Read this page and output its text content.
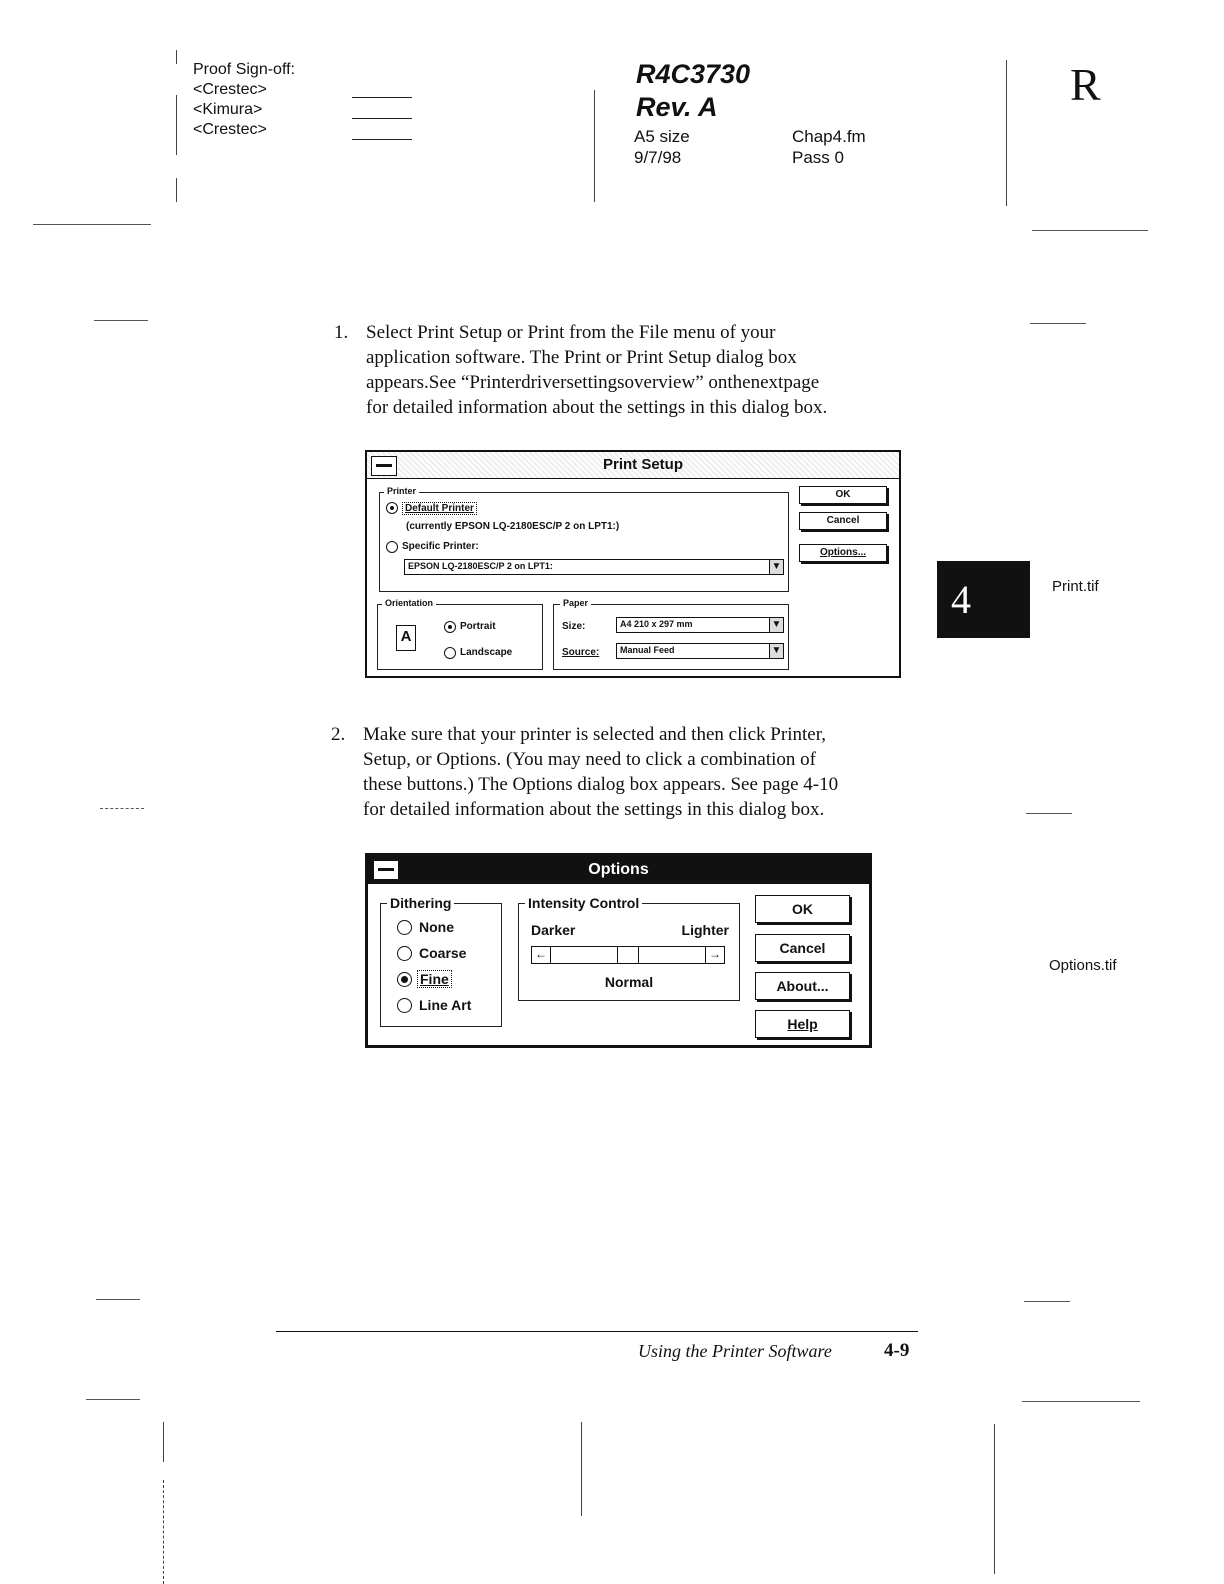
Proof Sign-off:
<Crestec>
<Kimura>
<Crestec>
R4C3730
Rev. A
A5 size
9/7/98
Chap4.fm
Pass 0
R
1. Select Print Setup or Print from the File menu of your
application software. The Print or Print Setup dialog box
appears.See “Printerdriversettingsoverview” onthenextpage
for detailed information about the settings in this dialog box.
Print Setup
Printer
Default Printer
(currently EPSON LQ-2180ESC/P 2 on LPT1:)
Specific Printer:
EPSON LQ-2180ESC/P 2 on LPT1:	▼
OK
Cancel
Options...
Orientation
A
Portrait
Landscape
Paper
Size:	A4 210 x 297 mm	▼
Source: Manual Feed	▼
4	Print.tif
Options.tif
2. Make sure that your printer is selected and then click Printer,
Setup, or Options. (You may need to click a combination of
these buttons.) The Options dialog box appears. See page 4-10
for detailed information about the settings in this dialog box.
Options
Dithering
None
Coarse
Fine
Line Art
Intensity Control
Darker	Lighter
←	→
Normal
OK
Cancel
About...
Help
Using the Printer Software	4-9
